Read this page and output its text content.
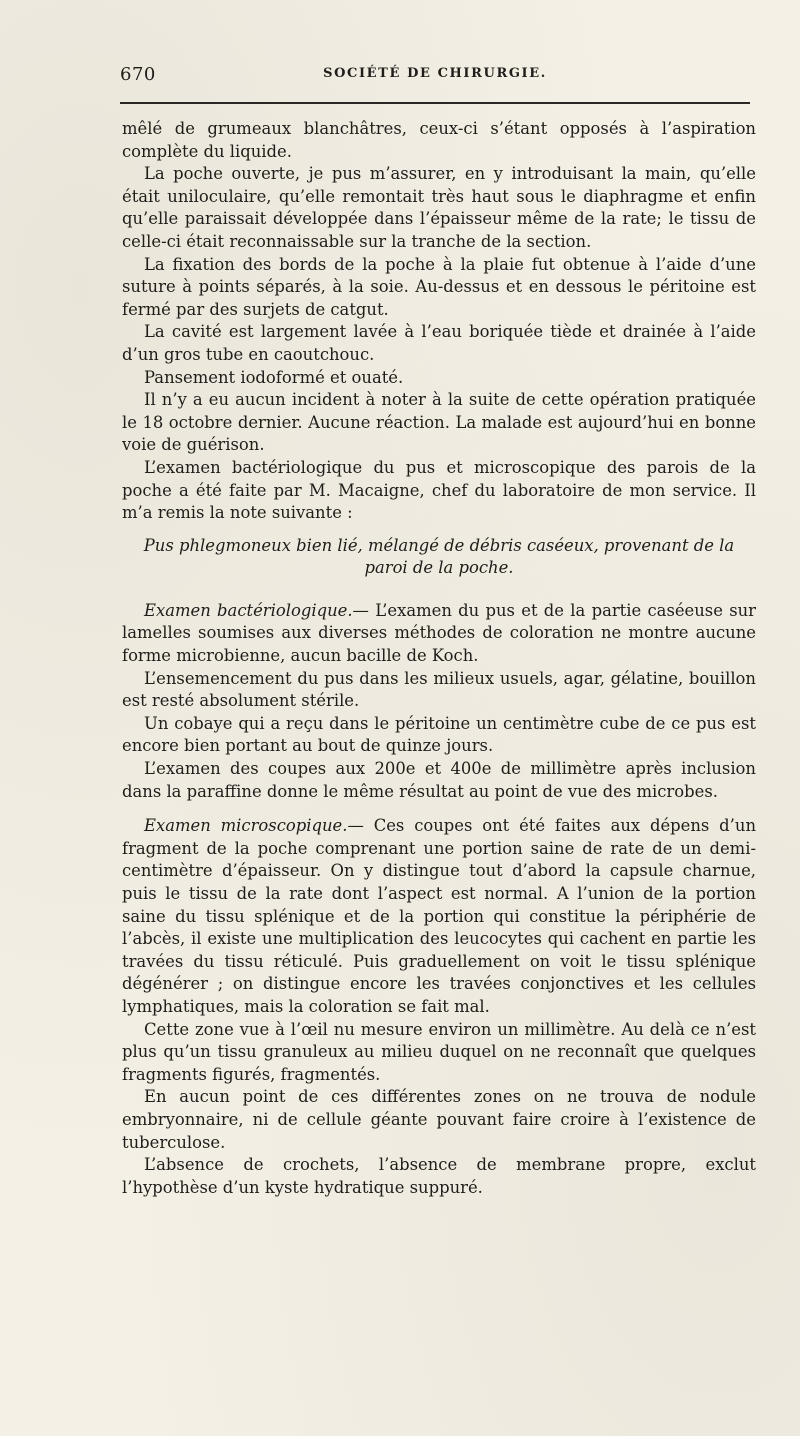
670	SOCIÉTÉ DE CHIRURGIE.

mêlé de grumeaux blanchâtres, ceux-ci s’étant opposés à l’aspiration complète du liquide.

La poche ouverte, je pus m’assurer, en y introduisant la main, qu’elle était uniloculaire, qu’elle remontait très haut sous le diaphragme et enfin qu’elle paraissait développée dans l’épaisseur même de la rate; le tissu de celle-ci était reconnaissable sur la tranche de la section.

La fixation des bords de la poche à la plaie fut obtenue à l’aide d’une suture à points séparés, à la soie. Au-dessus et en dessous le péritoine est fermé par des surjets de catgut.

La cavité est largement lavée à l’eau boriquée tiède et drainée à l’aide d’un gros tube en caoutchouc.

Pansement iodoformé et ouaté.

Il n’y a eu aucun incident à noter à la suite de cette opération pratiquée le 18 octobre dernier. Aucune réaction. La malade est aujourd’hui en bonne voie de guérison.

L’examen bactériologique du pus et microscopique des parois de la poche a été faite par M. Macaigne, chef du laboratoire de mon service. Il m’a remis la note suivante :

Pus phlegmoneux bien lié, mélangé de débris caséeux, provenant de la paroi de la poche.

Examen bactériologique.— L’examen du pus et de la partie caséeuse sur lamelles soumises aux diverses méthodes de coloration ne montre aucune forme microbienne, aucun bacille de Koch.

L’ensemencement du pus dans les milieux usuels, agar, gélatine, bouillon est resté absolument stérile.

Un cobaye qui a reçu dans le péritoine un centimètre cube de ce pus est encore bien portant au bout de quinze jours.

L’examen des coupes aux 200e et 400e de millimètre après inclusion dans la paraffine donne le même résultat au point de vue des microbes.

Examen microscopique.— Ces coupes ont été faites aux dépens d’un fragment de la poche comprenant une portion saine de rate de un demi-centimètre d’épaisseur. On y distingue tout d’abord la capsule charnue, puis le tissu de la rate dont l’aspect est normal. A l’union de la portion saine du tissu splénique et de la portion qui constitue la périphérie de l’abcès, il existe une multiplication des leucocytes qui cachent en partie les travées du tissu réticulé. Puis graduellement on voit le tissu splénique dégénérer ; on distingue encore les travées conjonctives et les cellules lymphatiques, mais la coloration se fait mal.

Cette zone vue à l’œil nu mesure environ un millimètre. Au delà ce n’est plus qu’un tissu granuleux au milieu duquel on ne reconnaît que quelques fragments figurés, fragmentés.

En aucun point de ces différentes zones on ne trouva de nodule embryonnaire, ni de cellule géante pouvant faire croire à l’existence de tuberculose.

L’absence de crochets, l’absence de membrane propre, exclut l’hypothèse d’un kyste hydratique suppuré.
